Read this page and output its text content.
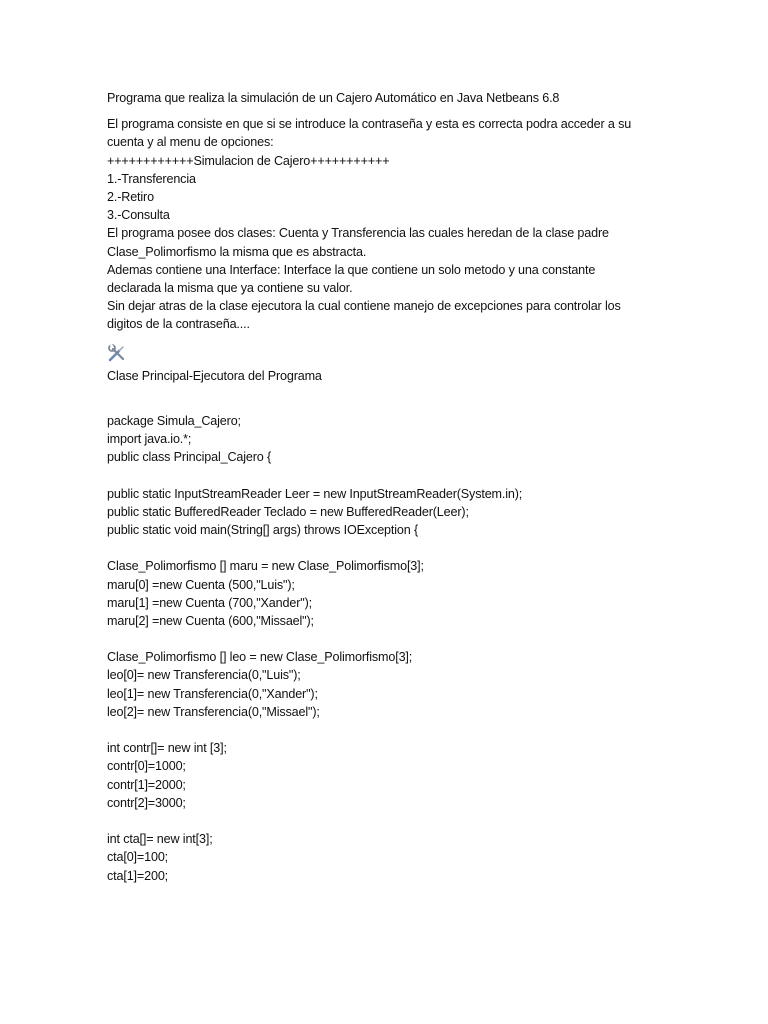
Programa que realiza la simulación de un Cajero Automático en Java Netbeans 6.8
El programa consiste en que si se introduce la contraseña y esta es correcta podra acceder a su
cuenta y al menu de opciones:
++++++++++++Simulacion de Cajero+++++++++++
1.-Transferencia
2.-Retiro
3.-Consulta
El programa posee dos clases: Cuenta y Transferencia las cuales heredan de la clase padre
Clase_Polimorfismo la misma que es abstracta.
Ademas contiene una Interface: Interface la que contiene un solo metodo y una constante
declarada la misma que ya contiene su valor.
Sin dejar atras de la clase ejecutora la cual contiene manejo de excepciones para controlar los
digitos de la contraseña....
Clase Principal-Ejecutora del Programa
package Simula_Cajero;
import java.io.*;
public class Principal_Cajero {
public static InputStreamReader Leer = new InputStreamReader(System.in);
public static BufferedReader Teclado = new BufferedReader(Leer);
public static void main(String[] args) throws IOException {
Clase_Polimorfismo [] maru = new Clase_Polimorfismo[3];
maru[0] =new Cuenta (500,"Luis");
maru[1] =new Cuenta (700,"Xander");
maru[2] =new Cuenta (600,"Missael");
Clase_Polimorfismo [] leo = new Clase_Polimorfismo[3];
leo[0]= new Transferencia(0,"Luis");
leo[1]= new Transferencia(0,"Xander");
leo[2]= new Transferencia(0,"Missael");
int contr[]= new int [3];
contr[0]=1000;
contr[1]=2000;
contr[2]=3000;
int cta[]= new int[3];
cta[0]=100;
cta[1]=200;
